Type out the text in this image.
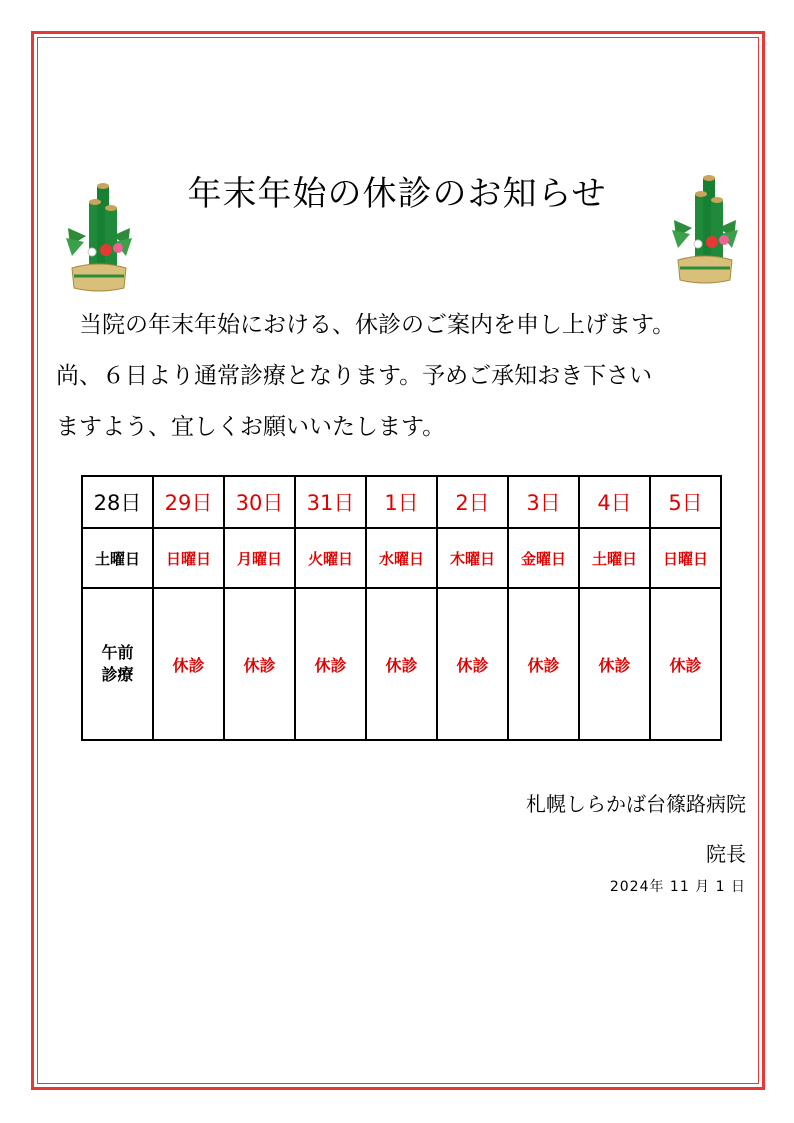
年末年始の休診のお知らせ
　当院の年末年始における、休診のご案内を申し上げます。
尚、６日より通常診療となります。予めご承知おき下さい
ますよう、宜しくお願いいたします。
28日	29日	30日	31日	1日	2日	3日	4日	5日
土曜日	日曜日	月曜日	火曜日	水曜日	木曜日	金曜日	土曜日	日曜日
午前
診療	休診	休診	休診	休診	休診	休診	休診	休診
札幌しらかば台篠路病院
院長
2024年 11 月 1 日
